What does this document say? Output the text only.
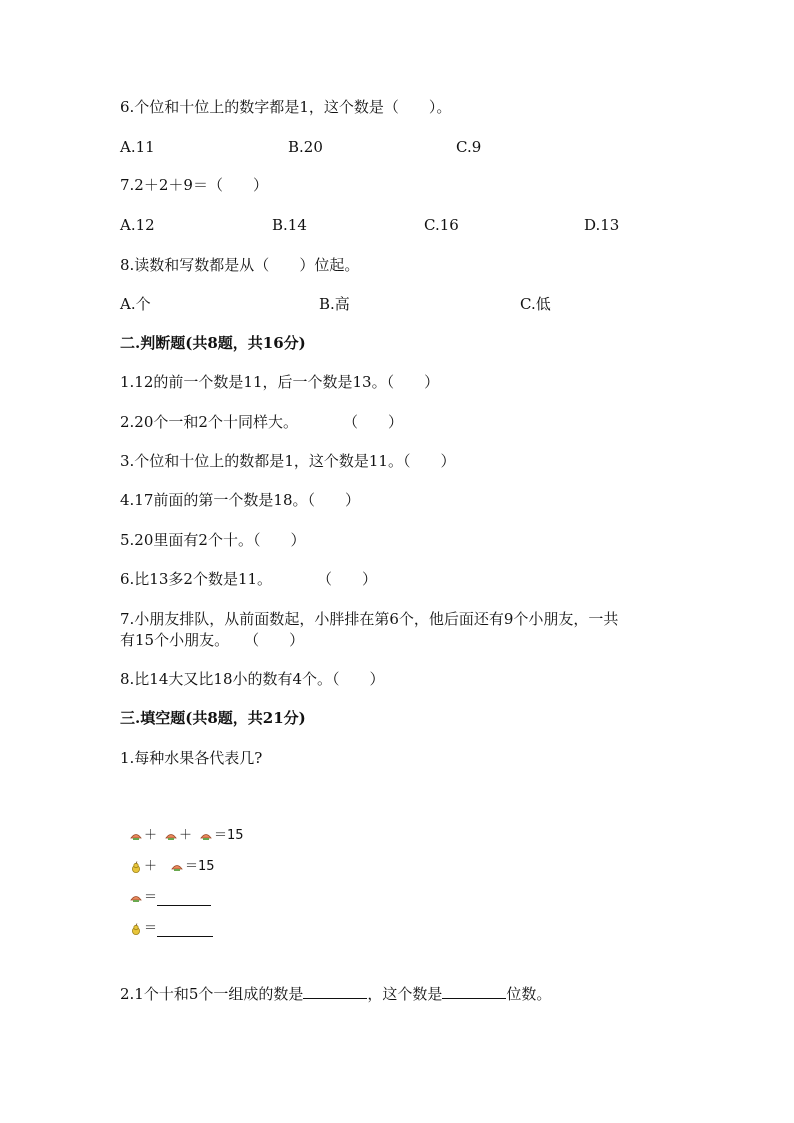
6.个位和十位上的数字都是1，这个数是（　　）。
A.11	B.20	C.9
7.2＋2＋9＝（　　）
A.12	B.14	C.16	D.13
8.读数和写数都是从（　　）位起。
A.个	B.高	C.低
二.判断题(共8题，共16分)
1.12的前一个数是11，后一个数是13。（　　）
2.20个一和2个十同样大。　　　　（　　）
3.个位和十位上的数都是1，这个数是11。（　　）
4.17前面的第一个数是18。（　　）
5.20里面有2个十。（　　）
6.比13多2个数是11。　　　　（　　）
7.小朋友排队，从前面数起，小胖排在第6个，他后面还有9个小朋友，一共
有15个小朋友。　　（　　）
8.比14大又比18小的数有4个。（　　）
三.填空题(共8题，共21分)
1.每种水果各代表几?
＋ ＋ ＝15
＋ ＝15
＝
＝
2.1个十和5个一组成的数是	，这个数是	位数。
